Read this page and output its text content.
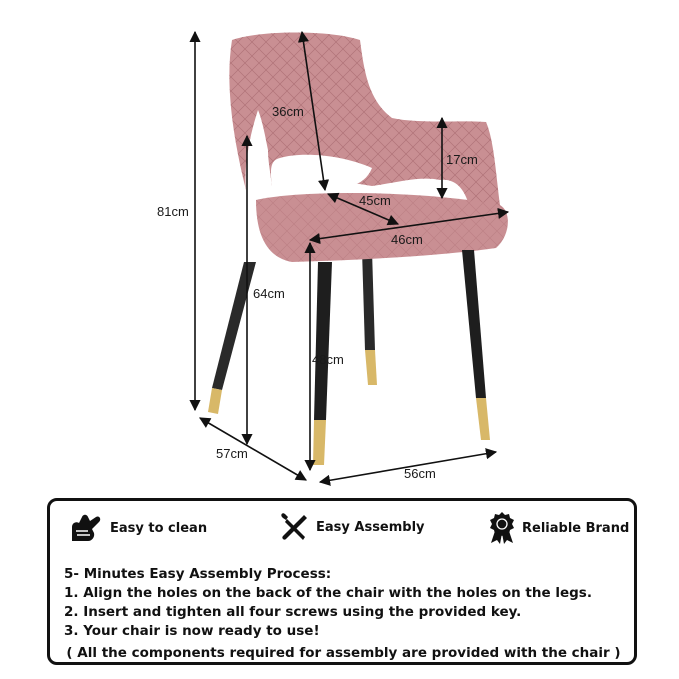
81cm
36cm
17cm
45cm
46cm
64cm
48cm
57cm
56cm
Easy to clean	Easy Assembly	Reliable Brand
5- Minutes Easy Assembly Process:
1. Align the holes on the back of the chair with the holes on the legs.
2. Insert and tighten all four screws using the provided key.
3. Your chair is now ready to use!
( All the components required for assembly are provided with the chair )
